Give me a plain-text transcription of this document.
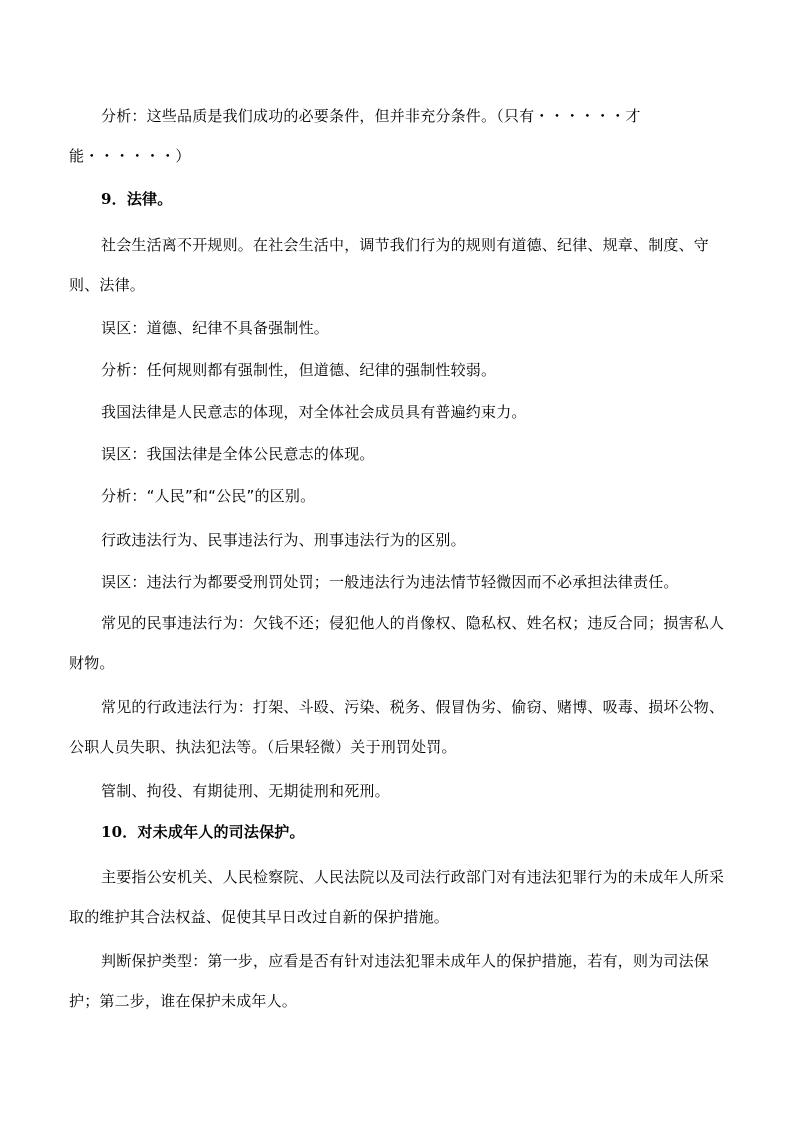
分析：这些品质是我们成功的必要条件，但并非充分条件。（只有・・・・・・才能・・・・・・）

9．法律。

社会生活离不开规则。在社会生活中，调节我们行为的规则有道德、纪律、规章、制度、守则、法律。

误区：道德、纪律不具备强制性。

分析：任何规则都有强制性，但道德、纪律的强制性较弱。

我国法律是人民意志的体现，对全体社会成员具有普遍约束力。

误区：我国法律是全体公民意志的体现。

分析：“人民”和“公民”的区别。

行政违法行为、民事违法行为、刑事违法行为的区别。

误区：违法行为都要受刑罚处罚；一般违法行为违法情节轻微因而不必承担法律责任。

常见的民事违法行为：欠钱不还；侵犯他人的肖像权、隐私权、姓名权；违反合同；损害私人财物。

常见的行政违法行为：打架、斗殴、污染、税务、假冒伪劣、偷窃、赌博、吸毒、损坏公物、公职人员失职、执法犯法等。（后果轻微）关于刑罚处罚。

管制、拘役、有期徒刑、无期徒刑和死刑。

10．对未成年人的司法保护。

主要指公安机关、人民检察院、人民法院以及司法行政部门对有违法犯罪行为的未成年人所采取的维护其合法权益、促使其早日改过自新的保护措施。

判断保护类型：第一步，应看是否有针对违法犯罪未成年人的保护措施，若有，则为司法保护；第二步，谁在保护未成年人。
